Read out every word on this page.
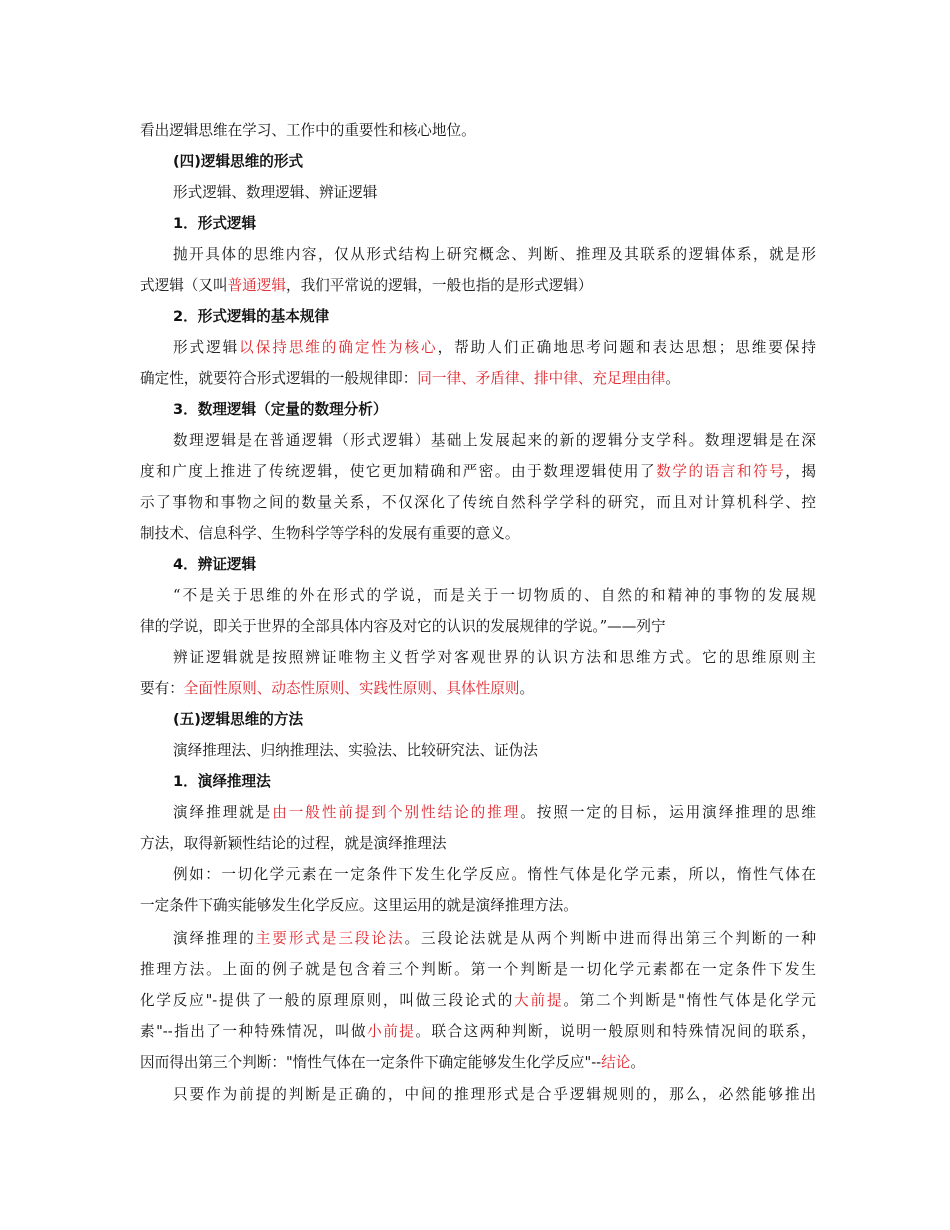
看出逻辑思维在学习、工作中的重要性和核心地位。
(四)逻辑思维的形式
形式逻辑、数理逻辑、辨证逻辑
1．形式逻辑
抛开具体的思维内容，仅从形式结构上研究概念、判断、推理及其联系的逻辑体系，就是形
式逻辑（又叫普通逻辑，我们平常说的逻辑，一般也指的是形式逻辑）
2．形式逻辑的基本规律
形式逻辑以保持思维的确定性为核心，帮助人们正确地思考问题和表达思想；思维要保持
确定性，就要符合形式逻辑的一般规律即：同一律、矛盾律、排中律、充足理由律。
3．数理逻辑（定量的数理分析）
数理逻辑是在普通逻辑（形式逻辑）基础上发展起来的新的逻辑分支学科。数理逻辑是在深
度和广度上推进了传统逻辑，使它更加精确和严密。由于数理逻辑使用了数学的语言和符号，揭
示了事物和事物之间的数量关系，不仅深化了传统自然科学学科的研究，而且对计算机科学、控
制技术、信息科学、生物科学等学科的发展有重要的意义。
4．辨证逻辑
“不是关于思维的外在形式的学说，而是关于一切物质的、自然的和精神的事物的发展规
律的学说，即关于世界的全部具体内容及对它的认识的发展规律的学说。”——列宁
辨证逻辑就是按照辨证唯物主义哲学对客观世界的认识方法和思维方式。它的思维原则主
要有：全面性原则、动态性原则、实践性原则、具体性原则。
(五)逻辑思维的方法
演绎推理法、归纳推理法、实验法、比较研究法、证伪法
1．演绎推理法
演绎推理就是由一般性前提到个别性结论的推理。按照一定的目标，运用演绎推理的思维
方法，取得新颖性结论的过程，就是演绎推理法
例如：一切化学元素在一定条件下发生化学反应。惰性气体是化学元素，所以，惰性气体在
一定条件下确实能够发生化学反应。这里运用的就是演绎推理方法。
演绎推理的主要形式是三段论法。三段论法就是从两个判断中进而得出第三个判断的一种
推理方法。上面的例子就是包含着三个判断。第一个判断是一切化学元素都在一定条件下发生
化学反应"-提供了一般的原理原则，叫做三段论式的大前提。第二个判断是"惰性气体是化学元
素"--指出了一种特殊情况，叫做小前提。联合这两种判断，说明一般原则和特殊情况间的联系，
因而得出第三个判断："惰性气体在一定条件下确定能够发生化学反应"--结论。
只要作为前提的判断是正确的，中间的推理形式是合乎逻辑规则的，那么，必然能够推出
